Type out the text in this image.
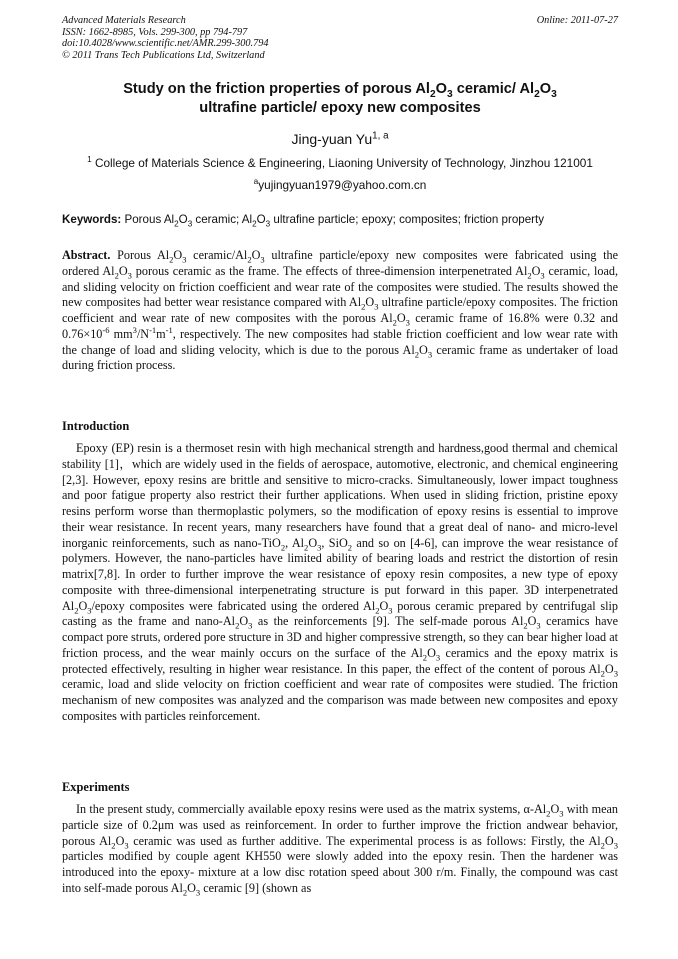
Advanced Materials Research
ISSN: 1662-8985, Vols. 299-300, pp 794-797
doi:10.4028/www.scientific.net/AMR.299-300.794
© 2011 Trans Tech Publications Ltd, Switzerland
Online: 2011-07-27
Study on the friction properties of porous $Al_2O_3$ ceramic/ $Al_2O_3$
ultrafine particle/ epoxy new composites
Jing-yuan Yu$^{1, a}$
$^1$ College of Materials Science & Engineering, Liaoning University of Technology, Jinzhou 121001
$^a$yujingyuan1979@yahoo.com.cn
Keywords: Porous $Al_2O_3$ ceramic; $Al_2O_3$ ultrafine particle; epoxy; composites; friction property
Abstract. Porous $Al_2O_3$ ceramic/$Al_2O_3$ ultrafine particle/epoxy new composites were fabricated using the ordered $Al_2O_3$ porous ceramic as the frame. The effects of three-dimension interpenetrated $Al_2O_3$ ceramic, load, and sliding velocity on friction coefficient and wear rate of the composites were studied. The results showed the new composites had better wear resistance compared with $Al_2O_3$ ultrafine particle/epoxy composites. The friction coefficient and wear rate of new composites with the porous $Al_2O_3$ ceramic frame of 16.8% were 0.32 and $0.76\times 10^{-6}$ $mm^3/N^{-1}m^{-1}$, respectively. The new composites had stable friction coefficient and low wear rate with the change of load and sliding velocity, which is due to the porous $Al_2O_3$ ceramic frame as undertaker of load during friction process.
Introduction
Epoxy (EP) resin is a thermoset resin with high mechanical strength and hardness,good thermal and chemical stability [1]，which are widely used in the fields of aerospace, automotive, electronic, and chemical engineering [2,3]. However, epoxy resins are brittle and sensitive to micro-cracks. Simultaneously, lower impact toughness and poor fatigue property also restrict their further applications. When used in sliding friction, pristine epoxy resins perform worse than thermoplastic polymers, so the modification of epoxy resins is essential to improve their wear resistance. In recent years, many researchers have found that a great deal of nano- and micro-level inorganic reinforcements, such as nano-TiO$_2$, $Al_2O_3$, SiO$_2$ and so on [4-6], can improve the wear resistance of polymers. However, the nano-particles have limited ability of bearing loads and restrict the distortion of resin matrix[7,8]. In order to further improve the wear resistance of epoxy resin composites, a new type of epoxy composite with three-dimensional interpenetrating structure is put forward in this paper. 3D interpenetrated $Al_2O_3$/epoxy composites were fabricated using the ordered $Al_2O_3$ porous ceramic prepared by centrifugal slip casting as the frame and nano-$Al_2O_3$ as the reinforcements [9]. The self-made porous $Al_2O_3$ ceramics have compact pore struts, ordered pore structure in 3D and higher compressive strength, so they can bear higher load at friction process, and the wear mainly occurs on the surface of the $Al_2O_3$ ceramics and the epoxy matrix is protected effectively, resulting in higher wear resistance. In this paper, the effect of the content of porous $Al_2O_3$ ceramic, load and slide velocity on friction coefficient and wear rate of composites were studied. The friction mechanism of new composites was analyzed and the comparison was made between new composites and epoxy composites with particles reinforcement.
Experiments
In the present study, commercially available epoxy resins were used as the matrix systems, $\alpha-Al_2O_3$ with mean particle size of 0.2μm was used as reinforcement. In order to further improve the friction andwear behavior, porous $Al_2O_3$ ceramic was used as further additive. The experimental process is as follows: Firstly, the $Al_2O_3$ particles modified by couple agent KH550 were slowly added into the epoxy resin. Then the hardener was introduced into the epoxy- mixture at a low disc rotation speed about 300 r/m. Finally, the compound was cast into self-made porous $Al_2O_3$ ceramic [9] (shown as
